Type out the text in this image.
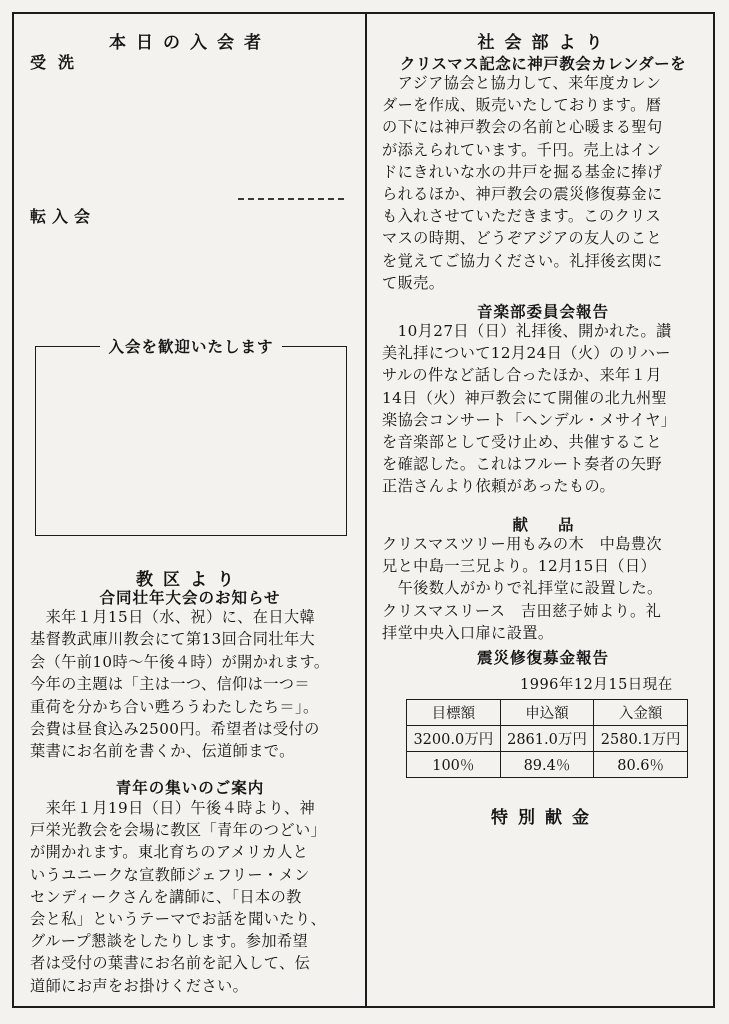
本日の入会者
受洗
転入会
入会を歓迎いたします
教区より
合同壮年大会のお知らせ
　来年１月15日（水、祝）に、在日大韓
基督教武庫川教会にて第13回合同壮年大
会（午前10時〜午後４時）が開かれます。
今年の主題は「主は一つ、信仰は一つ＝
重荷を分かち合い甦ろうわたしたち＝」。
会費は昼食込み2500円。希望者は受付の
葉書にお名前を書くか、伝道師まで。
青年の集いのご案内
　来年１月19日（日）午後４時より、神
戸栄光教会を会場に教区「青年のつどい」
が開かれます。東北育ちのアメリカ人と
いうユニークな宣教師ジェフリー・メン
センディークさんを講師に、「日本の教
会と私」というテーマでお話を聞いたり、
グループ懇談をしたりします。参加希望
者は受付の葉書にお名前を記入して、伝
道師にお声をお掛けください。
社会部より
クリスマス記念に神戸教会カレンダーを
　アジア協会と協力して、来年度カレン
ダーを作成、販売いたしております。暦
の下には神戸教会の名前と心暖まる聖句
が添えられています。千円。売上はイン
ドにきれいな水の井戸を掘る基金に捧げ
られるほか、神戸教会の震災修復募金に
も入れさせていただきます。このクリス
マスの時期、どうぞアジアの友人のこと
を覚えてご協力ください。礼拝後玄関に
て販売。
音楽部委員会報告
　10月27日（日）礼拝後、開かれた。讃
美礼拝について12月24日（火）のリハー
サルの件など話し合ったほか、来年１月
14日（火）神戸教会にて開催の北九州聖
楽協会コンサート「ヘンデル・メサイヤ」
を音楽部として受け止め、共催すること
を確認した。これはフルート奏者の矢野
正浩さんより依頼があったもの。
献品
クリスマスツリー用もみの木　中島豊次
兄と中島一三兄より。12月15日（日）
　午後数人がかりで礼拝堂に設置した。
クリスマスリース　吉田慈子姉より。礼
拝堂中央入口扉に設置。
震災修復募金報告
1996年12月15日現在
目標額	申込額	入金額
3200.0万円	2861.0万円	2580.1万円
100％	89.4％	80.6％
特別献金
